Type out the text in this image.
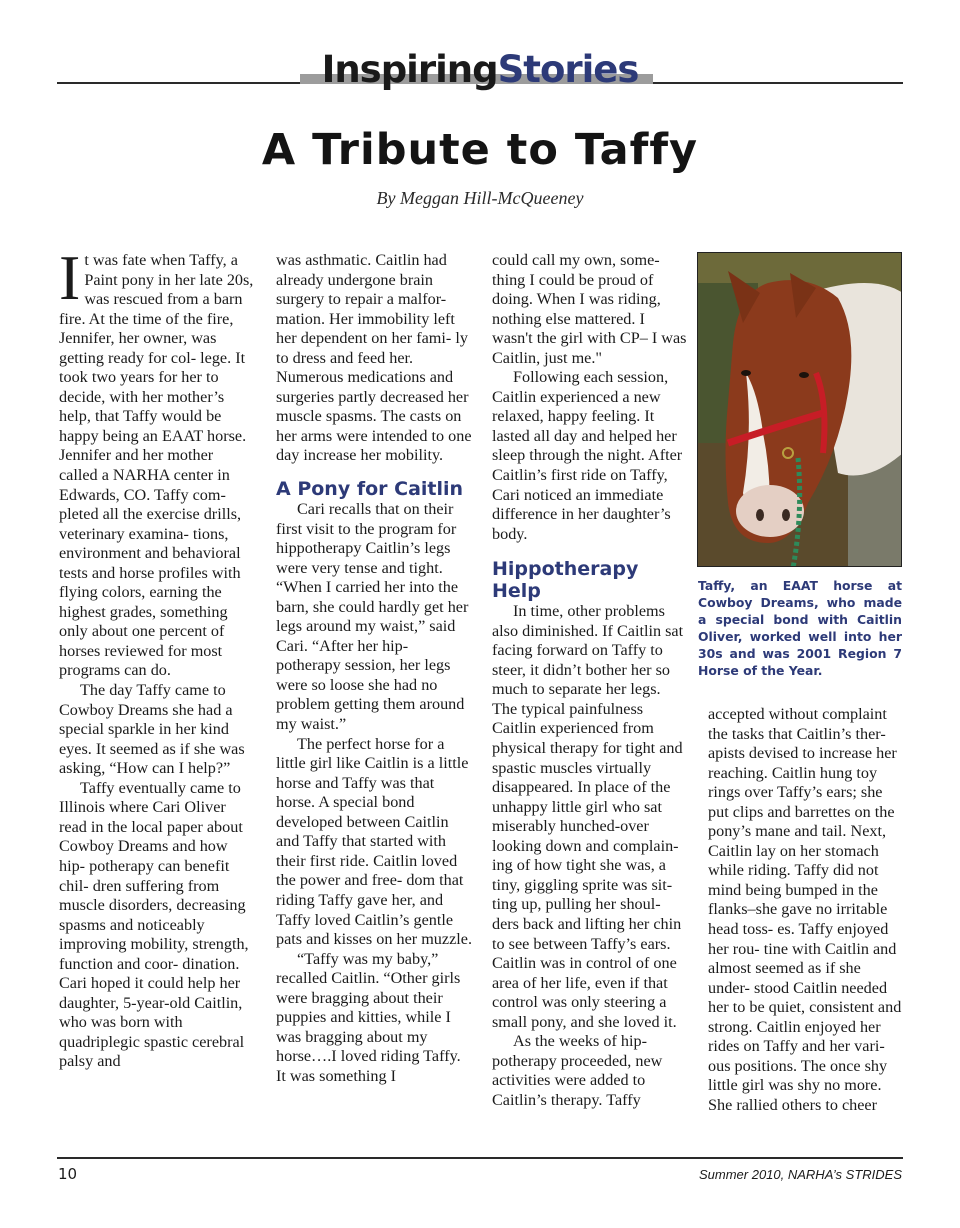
InspiringStories
A Tribute to Taffy
By Meggan Hill-McQueeney

It was fate when Taffy, a Paint pony in her late 20s, was rescued from a barn fire. At the time of the fire, Jennifer, her owner, was getting ready for col- lege. It took two years for her to decide, with her mother’s help, that Taffy would be happy being an EAAT horse. Jennifer and her mother called a NARHA center in Edwards, CO. Taffy com- pleted all the exercise drills, veterinary examina- tions, environment and behavioral tests and horse profiles with flying colors, earning the highest grades, something only about one percent of horses reviewed for most programs can do.

The day Taffy came to Cowboy Dreams she had a special sparkle in her kind eyes. It seemed as if she was asking, “How can I help?”

Taffy eventually came to Illinois where Cari Oliver read in the local paper about Cowboy Dreams and how hip- potherapy can benefit chil- dren suffering from muscle disorders, decreasing spasms and noticeably improving mobility, strength, function and coor- dination. Cari hoped it could help her daughter, 5-year-old Caitlin, who was born with quadriplegic spastic cerebral palsy and

was asthmatic. Caitlin had already undergone brain surgery to repair a malfor- mation. Her immobility left her dependent on her fami- ly to dress and feed her. Numerous medications and surgeries partly decreased her muscle spasms. The casts on her arms were intended to one day increase her mobility.

A Pony for Caitlin

Cari recalls that on their first visit to the program for hippotherapy Caitlin’s legs were very tense and tight. “When I carried her into the barn, she could hardly get her legs around my waist,” said Cari. “After her hip- potherapy session, her legs were so loose she had no problem getting them around my waist.”

The perfect horse for a little girl like Caitlin is a little horse and Taffy was that horse. A special bond developed between Caitlin and Taffy that started with their first ride. Caitlin loved the power and free- dom that riding Taffy gave her, and Taffy loved Caitlin’s gentle pats and kisses on her muzzle.

“Taffy was my baby,” recalled Caitlin. “Other girls were bragging about their puppies and kitties, while I was bragging about my horse….I loved riding Taffy. It was something I

could call my own, some- thing I could be proud of doing. When I was riding, nothing else mattered. I wasn't the girl with CP– I was Caitlin, just me."

Following each session, Caitlin experienced a new relaxed, happy feeling. It lasted all day and helped her sleep through the night. After Caitlin’s first ride on Taffy, Cari noticed an immediate difference in her daughter’s body.

Hippotherapy Help

In time, other problems also diminished. If Caitlin sat facing forward on Taffy to steer, it didn’t bother her so much to separate her legs. The typical painfulness Caitlin experienced from physical therapy for tight and spastic muscles virtually disappeared. In place of the unhappy little girl who sat miserably hunched-over looking down and complain- ing of how tight she was, a tiny, giggling sprite was sit- ting up, pulling her shoul- ders back and lifting her chin to see between Taffy’s ears. Caitlin was in control of one area of her life, even if that control was only steering a small pony, and she loved it.

As the weeks of hip- potherapy proceeded, new activities were added to Caitlin’s therapy. Taffy

Taffy, an EAAT horse at Cowboy Dreams, who made a special bond with Caitlin Oliver, worked well into her 30s and was 2001 Region 7 Horse of the Year.

accepted without complaint the tasks that Caitlin’s ther- apists devised to increase her reaching. Caitlin hung toy rings over Taffy’s ears; she put clips and barrettes on the pony’s mane and tail. Next, Caitlin lay on her stomach while riding. Taffy did not mind being bumped in the flanks–she gave no irritable head toss- es. Taffy enjoyed her rou- tine with Caitlin and almost seemed as if she under- stood Caitlin needed her to be quiet, consistent and strong. Caitlin enjoyed her rides on Taffy and her vari- ous positions. The once shy little girl was shy no more. She rallied others to cheer

10	Summer 2010, NARHA’s STRIDES
